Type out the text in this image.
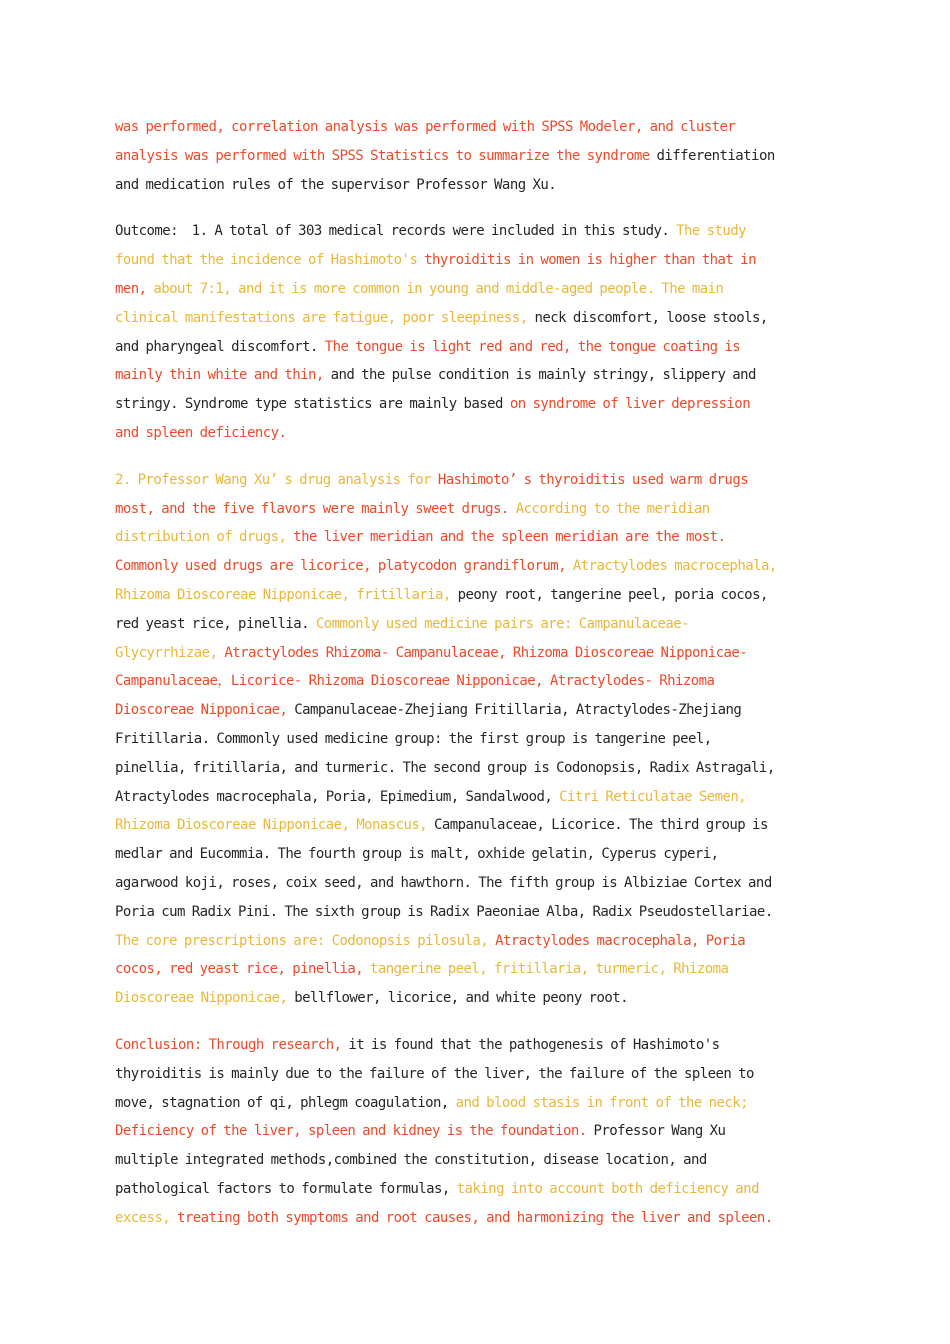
was performed, correlation analysis was performed with SPSS Modeler, and cluster
analysis was performed with SPSS Statistics to summarize the syndrome differentiation
and medication rules of the supervisor Professor Wang Xu.
Outcome:  1. A total of 303 medical records were included in this study. The study
found that the incidence of Hashimoto's thyroiditis in women is higher than that in
men, about 7:1, and it is more common in young and middle-aged people. The main
clinical manifestations are fatigue, poor sleepiness, neck discomfort, loose stools,
and pharyngeal discomfort. The tongue is light red and red, the tongue coating is
mainly thin white and thin, and the pulse condition is mainly stringy, slippery and
stringy. Syndrome type statistics are mainly based on syndrome of liver depression
and spleen deficiency.
2. Professor Wang Xu’ s drug analysis for Hashimoto’ s thyroiditis used warm drugs
most, and the five flavors were mainly sweet drugs. According to the meridian
distribution of drugs, the liver meridian and the spleen meridian are the most.
Commonly used drugs are licorice, platycodon grandiflorum, Atractylodes macrocephala,
Rhizoma Dioscoreae Nipponicae, fritillaria, peony root, tangerine peel, poria cocos,
red yeast rice, pinellia. Commonly used medicine pairs are: Campanulaceae-
Glycyrrhizae, Atractylodes Rhizoma- Campanulaceae, Rhizoma Dioscoreae Nipponicae-
Campanulaceae，Licorice- Rhizoma Dioscoreae Nipponicae, Atractylodes- Rhizoma
Dioscoreae Nipponicae, Campanulaceae-Zhejiang Fritillaria, Atractylodes-Zhejiang
Fritillaria. Commonly used medicine group: the first group is tangerine peel,
pinellia, fritillaria, and turmeric. The second group is Codonopsis, Radix Astragali,
Atractylodes macrocephala, Poria, Epimedium, Sandalwood, Citri Reticulatae Semen,
Rhizoma Dioscoreae Nipponicae, Monascus, Campanulaceae, Licorice. The third group is
medlar and Eucommia. The fourth group is malt, oxhide gelatin, Cyperus cyperi,
agarwood koji, roses, coix seed, and hawthorn. The fifth group is Albiziae Cortex and
Poria cum Radix Pini. The sixth group is Radix Paeoniae Alba, Radix Pseudostellariae.
The core prescriptions are: Codonopsis pilosula, Atractylodes macrocephala, Poria
cocos, red yeast rice, pinellia, tangerine peel, fritillaria, turmeric, Rhizoma
Dioscoreae Nipponicae, bellflower, licorice, and white peony root.
Conclusion: Through research, it is found that the pathogenesis of Hashimoto's
thyroiditis is mainly due to the failure of the liver, the failure of the spleen to
move, stagnation of qi, phlegm coagulation, and blood stasis in front of the neck;
Deficiency of the liver, spleen and kidney is the foundation. Professor Wang Xu
multiple integrated methods,combined the constitution, disease location, and
pathological factors to formulate formulas, taking into account both deficiency and
excess, treating both symptoms and root causes, and harmonizing the liver and spleen.
